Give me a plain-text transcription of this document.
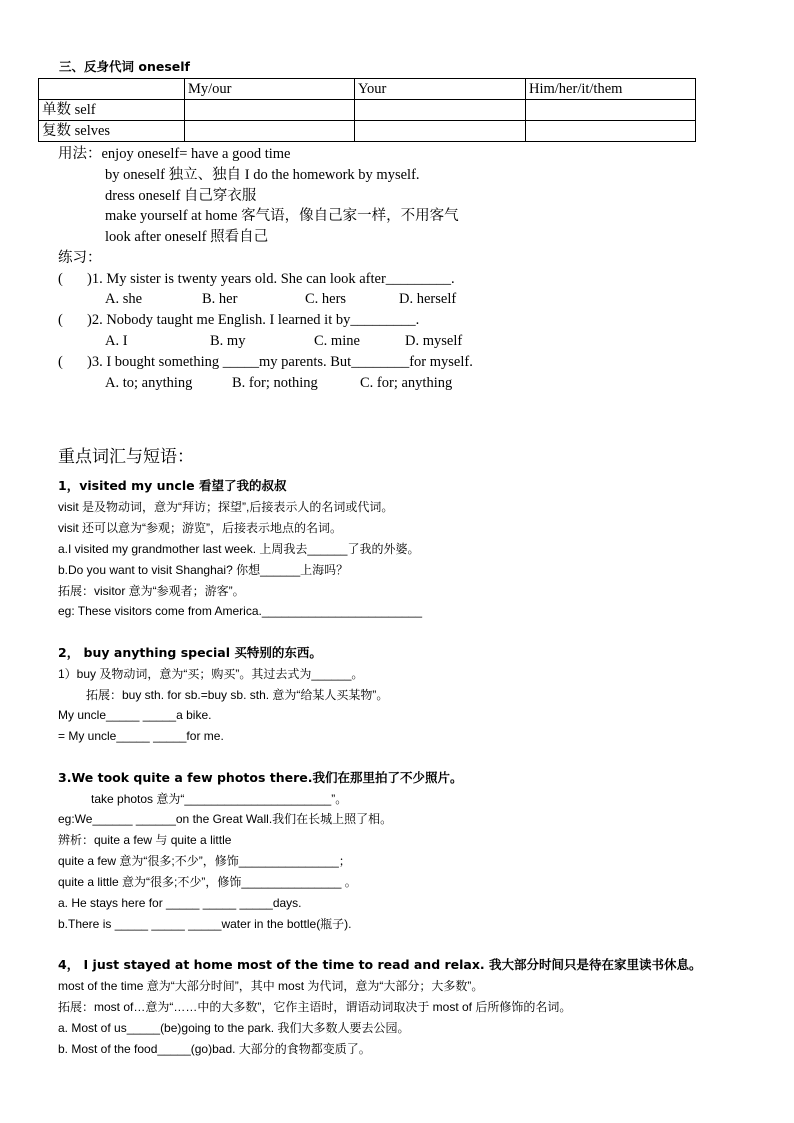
三、反身代词 oneself
	My/our	Your	Him/her/it/them
单数 self			
复数 selves			
用法：enjoy oneself= have a good time
by oneself 独立、独自 I do the homework by myself.
dress oneself 自己穿衣服
make yourself at home 客气语，像自己家一样，不用客气
look after oneself 照看自己
练习：
( )1. My sister is twenty years old. She can look after_________.
A. she	B. her	C. hers	D. herself
( )2. Nobody taught me English. I learned it by_________.
A. I	B. my	C. mine	D. myself
( )3. I bought something _____my parents. But________for myself.
A. to; anything	B. for; nothing	C. for; anything
重点词汇与短语：
1，visited my uncle 看望了我的叔叔
visit 是及物动词，意为“拜访；探望”,后接表示人的名词或代词。
visit 还可以意为“参观；游览”，后接表示地点的名词。
a.I visited my grandmother last week. 上周我去______了我的外婆。
b.Do you want to visit Shanghai? 你想______上海吗？
拓展：visitor 意为“参观者；游客”。
eg: These visitors come from America.________________________
2， buy anything special 买特别的东西。
1）buy 及物动词，意为“买；购买”。其过去式为______。
拓展：buy sth. for sb.=buy sb. sth. 意为“给某人买某物”。
My uncle_____ _____a bike.
= My uncle_____ _____for me.
3.We took quite a few photos there.我们在那里拍了不少照片。
take photos 意为“______________________”。
eg:We______ ______on the Great Wall.我们在长城上照了相。
辨析：quite a few 与 quite a little
quite a few 意为“很多;不少”，修饰_______________；
quite a little 意为“很多;不少”，修饰_______________ 。
a. He stays here for _____ _____ _____days.
b.There is _____ _____ _____water in the bottle(瓶子).
4， I just stayed at home most of the time to read and relax. 我大部分时间只是待在家里读书休息。
most of the time 意为“大部分时间”，其中 most 为代词，意为“大部分；大多数”。
拓展：most of…意为“……中的大多数”，它作主语时，谓语动词取决于 most of 后所修饰的名词。
a. Most of us_____(be)going to the park. 我们大多数人要去公园。
b. Most of the food_____(go)bad. 大部分的食物都变质了。
